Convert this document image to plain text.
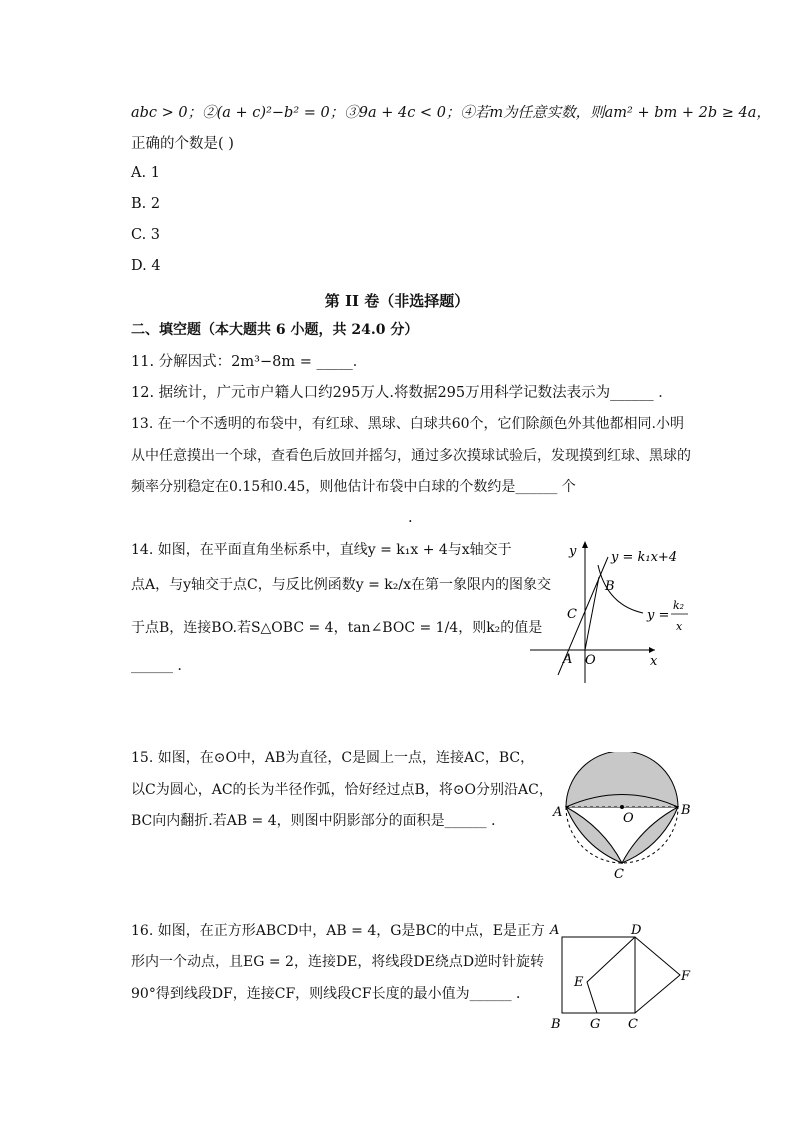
abc > 0；②(a + c)²−b² = 0；③9a + 4c < 0；④若m为任意实数，则am² + bm + 2b ≥ 4a，
正确的个数是( )
A. 1
B. 2
C. 3
D. 4
第 II 卷（非选择题）
二、填空题（本大题共 6 小题，共 24.0 分）
11. 分解因式：2m³−8m = _____．
12. 据统计，广元市户籍人口约295万人.将数据295万用科学记数法表示为______ ．
13. 在一个不透明的布袋中，有红球、黑球、白球共60个，它们除颜色外其他都相同.小明
从中任意摸出一个球，查看色后放回并摇匀，通过多次摸球试验后，发现摸到红球、黑球的
频率分别稳定在0.15和0.45，则他估计布袋中白球的个数约是______ 个
.
14. 如图，在平面直角坐标系中，直线y = k₁x + 4与x轴交于
点A，与y轴交于点C，与反比例函数y = k₂/x在第一象限内的图象交
于点B，连接BO.若S△OBC = 4，tan∠BOC = 1/4，则k₂的值是
______ ．
y
B
C
A O	x
y = k₁x+4
y =
k₂
x
15. 如图，在⊙O中，AB为直径，C是圆上一点，连接AC，BC，
以C为圆心，AC的长为半径作弧，恰好经过点B，将⊙O分别沿AC，
BC向内翻折.若AB = 4，则图中阴影部分的面积是______ ．
A	B
O
C
16. 如图，在正方形ABCD中，AB = 4，G是BC的中点，E是正方
形内一个动点，且EG = 2，连接DE，将线段DE绕点D逆时针旋转
90°得到线段DF，连接CF，则线段CF长度的最小值为______ ．
A	D
E	F
B G C
